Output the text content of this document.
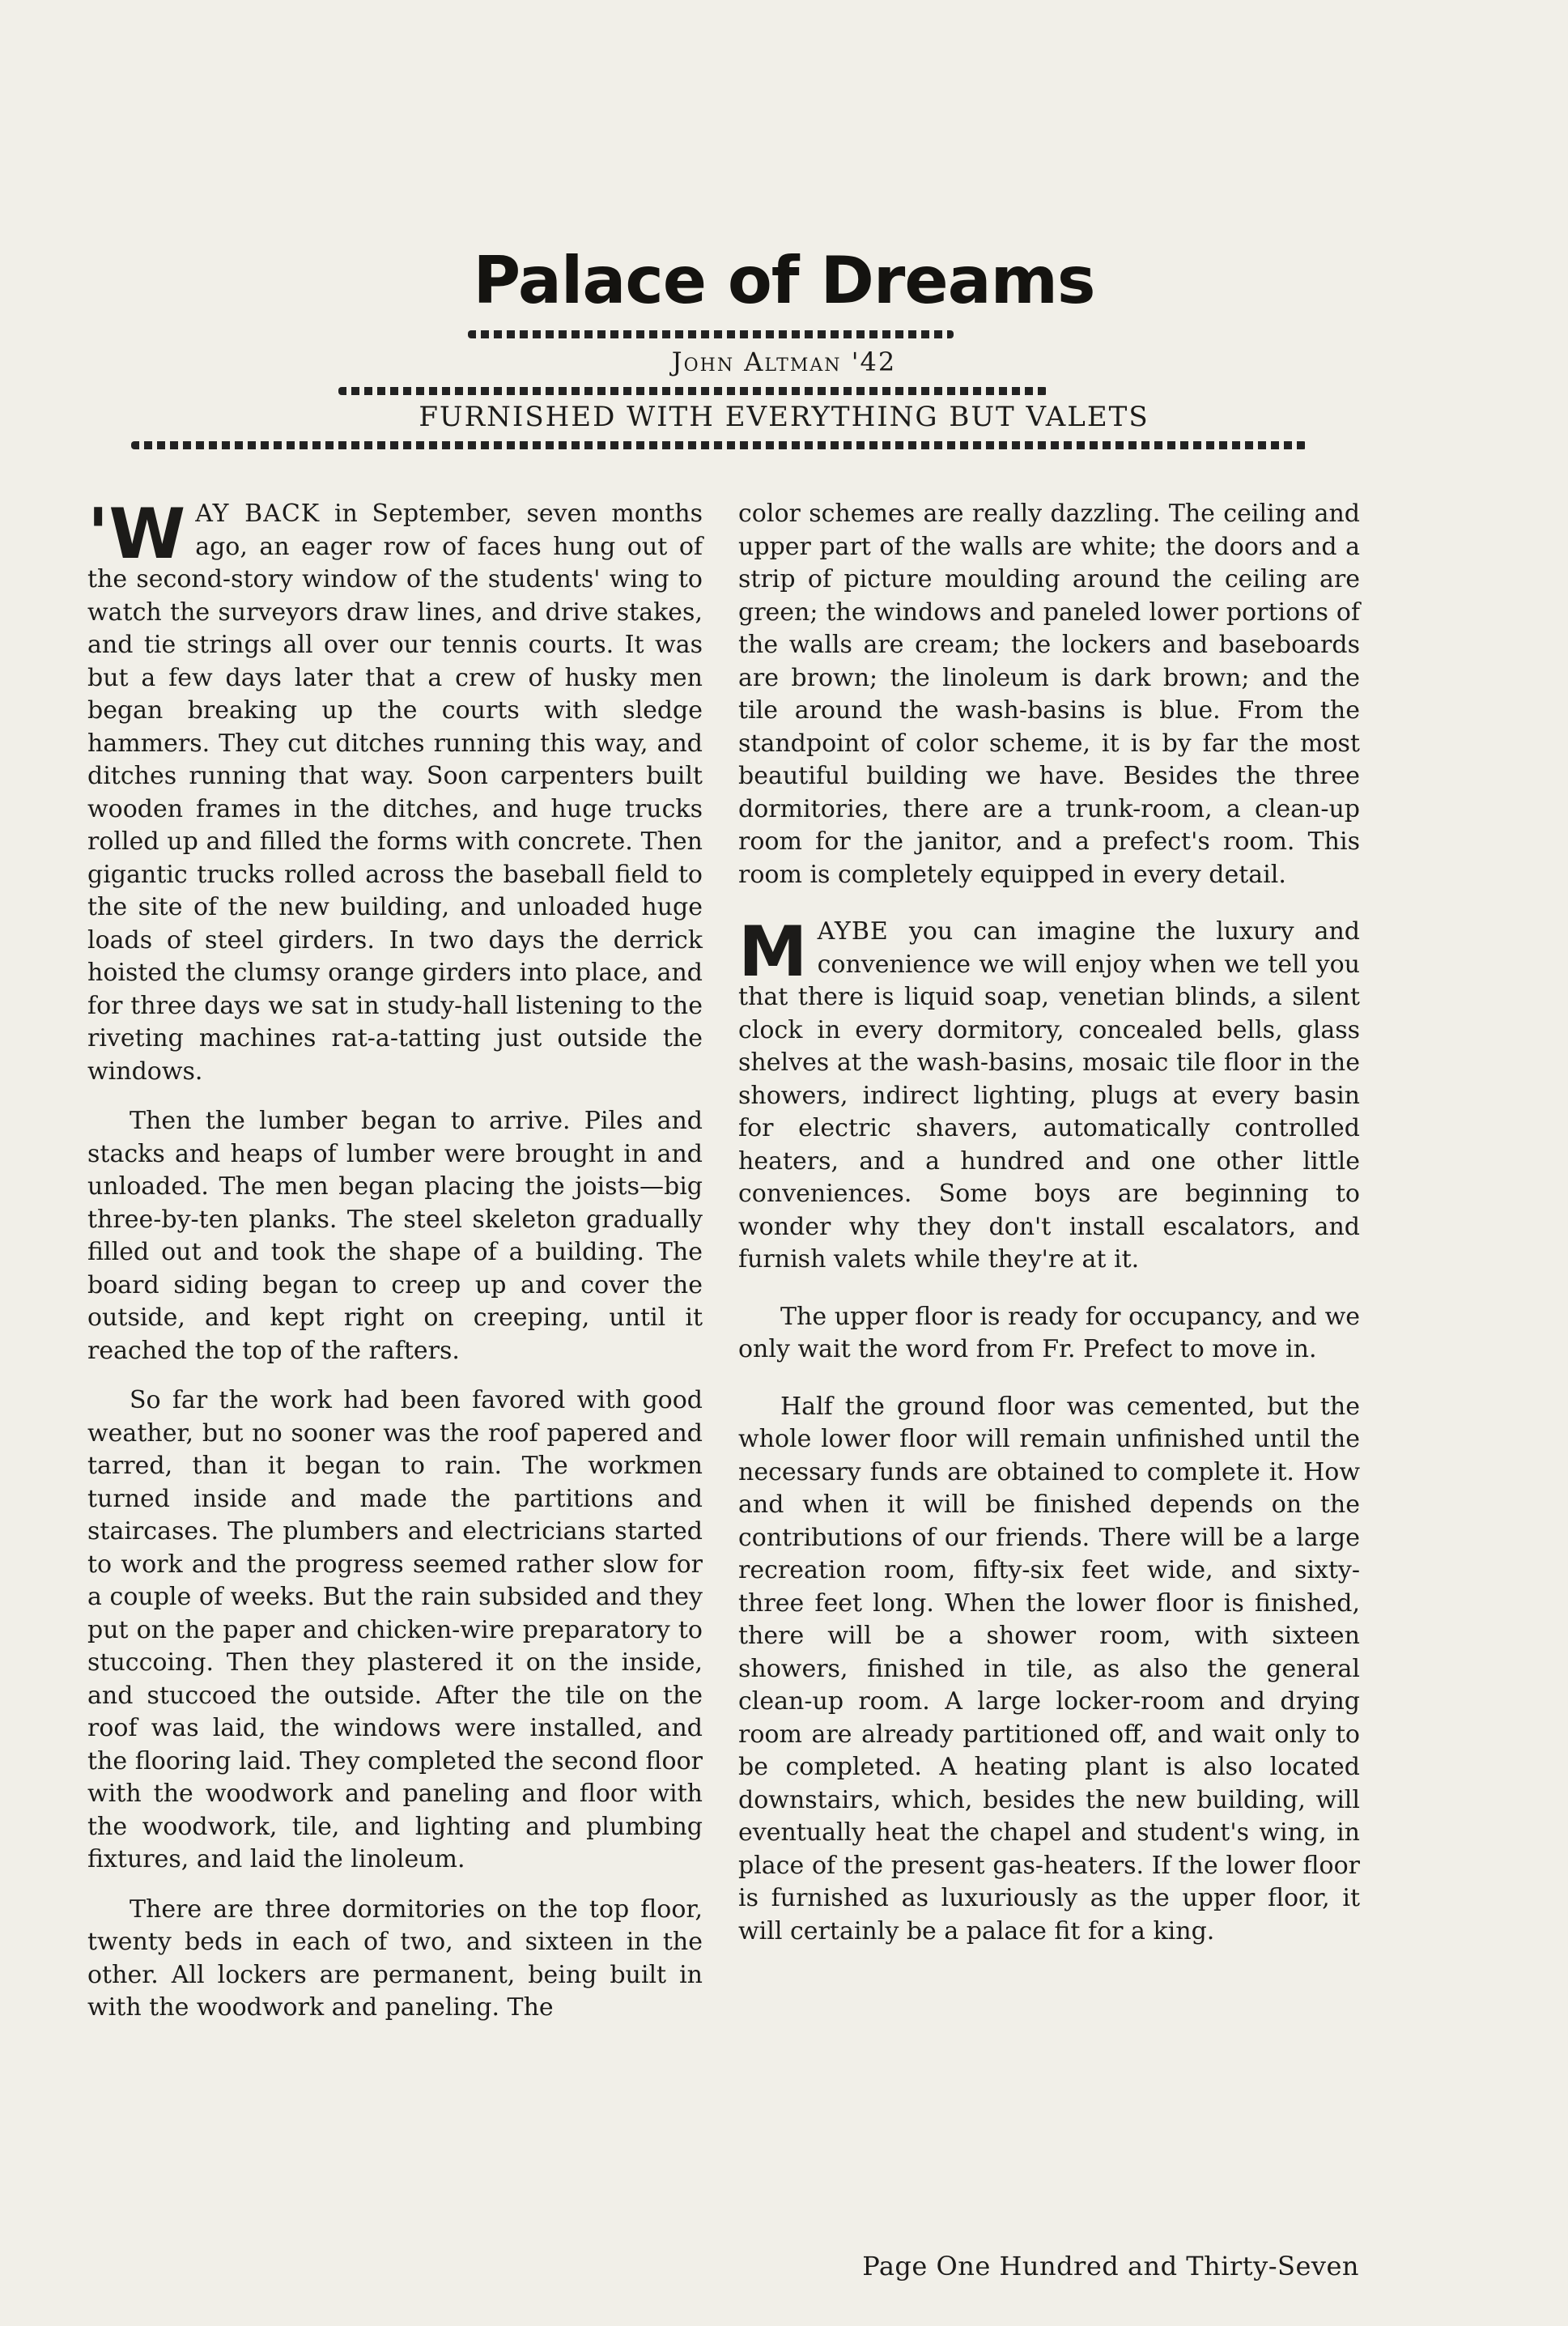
Palace of Dreams
John Altman '42
FURNISHED WITH EVERYTHING BUT VALETS

'W AY BACK in September, seven months ago, an eager row of faces hung out of the second-story window of the students' wing to watch the surveyors draw lines, and drive stakes, and tie strings all over our tennis courts. It was but a few days later that a crew of husky men began breaking up the courts with sledge hammers. They cut ditches running this way, and ditches running that way. Soon carpenters built wooden frames in the ditches, and huge trucks rolled up and filled the forms with concrete. Then gigantic trucks rolled across the baseball field to the site of the new building, and unloaded huge loads of steel girders. In two days the derrick hoisted the clumsy orange girders into place, and for three days we sat in study-hall listening to the riveting machines rat-a-tatting just outside the windows.

Then the lumber began to arrive. Piles and stacks and heaps of lumber were brought in and unloaded. The men began placing the joists—big three-by-ten planks. The steel skeleton gradually filled out and took the shape of a building. The board siding began to creep up and cover the outside, and kept right on creeping, until it reached the top of the rafters.

So far the work had been favored with good weather, but no sooner was the roof papered and tarred, than it began to rain. The workmen turned inside and made the partitions and staircases. The plumbers and electricians started to work and the progress seemed rather slow for a couple of weeks. But the rain subsided and they put on the paper and chicken-wire preparatory to stuccoing. Then they plastered it on the inside, and stuccoed the outside. After the tile on the roof was laid, the windows were installed, and the flooring laid. They completed the second floor with the woodwork and paneling and floor with the woodwork, tile, and lighting and plumbing fixtures, and laid the linoleum.

There are three dormitories on the top floor, twenty beds in each of two, and sixteen in the other. All lockers are permanent, being built in with the woodwork and paneling. The

color schemes are really dazzling. The ceiling and upper part of the walls are white; the doors and a strip of picture moulding around the ceiling are green; the windows and paneled lower portions of the walls are cream; the lockers and baseboards are brown; the linoleum is dark brown; and the tile around the wash-basins is blue. From the standpoint of color scheme, it is by far the most beautiful building we have. Besides the three dormitories, there are a trunk-room, a clean-up room for the janitor, and a prefect's room. This room is completely equipped in every detail.

M AYBE you can imagine the luxury and convenience we will enjoy when we tell you that there is liquid soap, venetian blinds, a silent clock in every dormitory, concealed bells, glass shelves at the wash-basins, mosaic tile floor in the showers, indirect lighting, plugs at every basin for electric shavers, automatically controlled heaters, and a hundred and one other little conveniences. Some boys are beginning to wonder why they don't install escalators, and furnish valets while they're at it.

The upper floor is ready for occupancy, and we only wait the word from Fr. Prefect to move in.

Half the ground floor was cemented, but the whole lower floor will remain unfinished until the necessary funds are obtained to complete it. How and when it will be finished depends on the contributions of our friends. There will be a large recreation room, fifty-six feet wide, and sixty-three feet long. When the lower floor is finished, there will be a shower room, with sixteen showers, finished in tile, as also the general clean-up room. A large locker-room and drying room are already partitioned off, and wait only to be completed. A heating plant is also located downstairs, which, besides the new building, will eventually heat the chapel and student's wing, in place of the present gas-heaters. If the lower floor is furnished as luxuriously as the upper floor, it will certainly be a palace fit for a king.

Page One Hundred and Thirty-Seven
